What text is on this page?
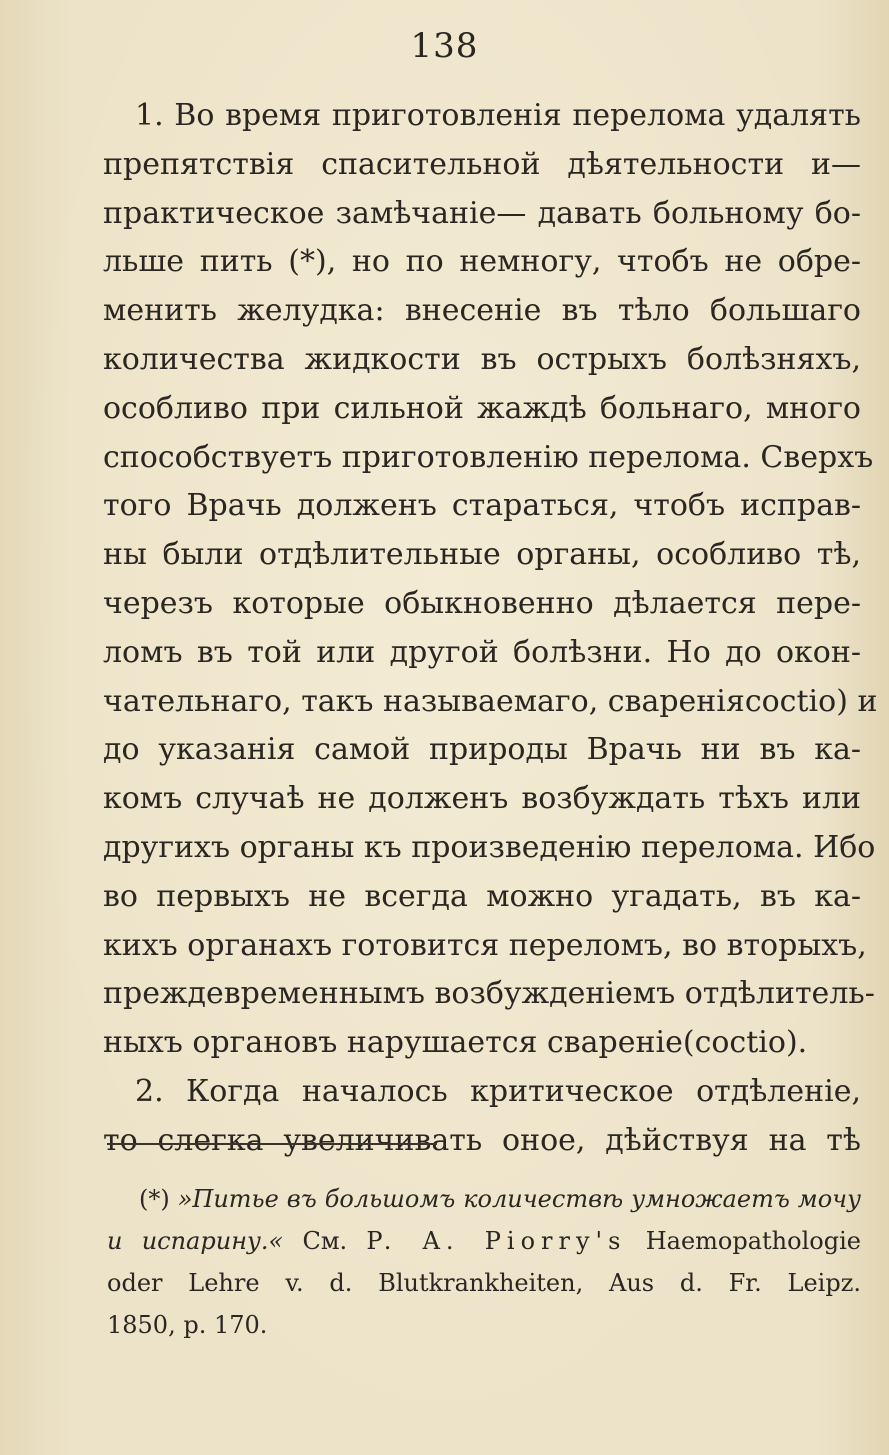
138
1. Во время приготовленія перелома удалять
препятствія спасительной дѣятельности и—
практическое замѣчаніе— давать больному бо-
льше пить (*), но по немногу, чтобъ не обре-
менить желудка: внесеніе въ тѣло большаго
количества жидкости въ острыхъ болѣзняхъ,
особливо при сильной жаждѣ больнаго, много
способствуетъ приготовленію перелома. Сверхъ
того Врачь долженъ стараться, чтобъ исправ-
ны были отдѣлительные органы, особливо тѣ,
черезъ которые обыкновенно дѣлается пере-
ломъ въ той или другой болѣзни. Но до окон-
чательнаго, такъ называемаго, свареніяcoctio) и
до указанія самой природы Врачь ни въ ка-
комъ случаѣ не долженъ возбуждать тѣхъ или
другихъ органы къ произведенію перелома. Ибо
во первыхъ не всегда можно угадать, въ ка-
кихъ органахъ готовится переломъ, во вторыхъ,
преждевременнымъ возбужденіемъ отдѣлитель-
ныхъ органовъ нарушается свареніе(coctio).
2. Когда началось критическое отдѣленіе,
то слегка увеличивать оное, дѣйствуя на тѣ
(*) »Питье въ большомъ количествѣ умножаетъ мочу
и испарину.« См. P. A. Piorry's Haemopathologie
oder Lehre v. d. Blutkrankheiten, Aus d. Fr. Leipz.
1850, p. 170.
